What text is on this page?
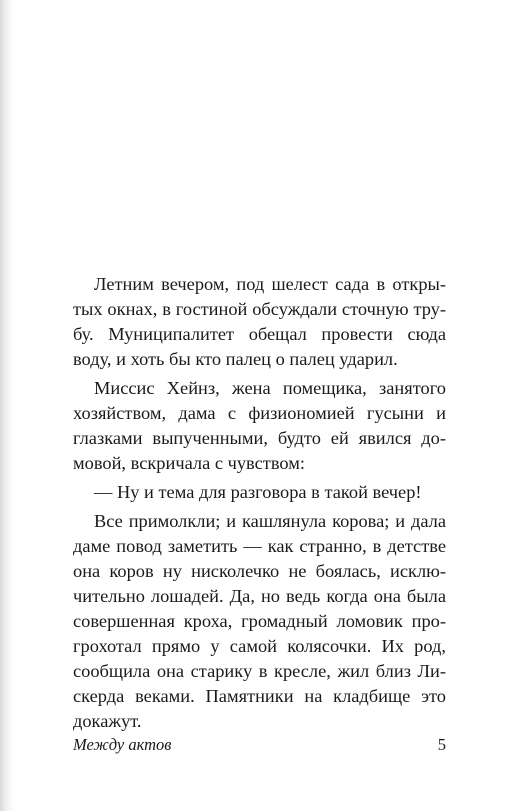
Летним вечером, под шелест сада в открытых окнах, в гостиной обсуждали сточную трубу. Муниципалитет обещал провести сюда воду, и хоть бы кто палец о палец ударил.

Миссис Хейнз, жена помещика, занятого хозяйством, дама с физиономией гусыни и глазками выпученными, будто ей явился домовой, вскричала с чувством:

— Ну и тема для разговора в такой вечер!

Все примолкли; и кашлянула корова; и дала даме повод заметить — как странно, в детстве она коров ну нисколечко не боялась, исключительно лошадей. Да, но ведь когда она была совершенная кроха, громадный ломовик прогрохотал прямо у самой колясочки. Их род, сообщила она старику в кресле, жил близ Лискерда веками. Памятники на кладбище это докажут.

Между актов	5
